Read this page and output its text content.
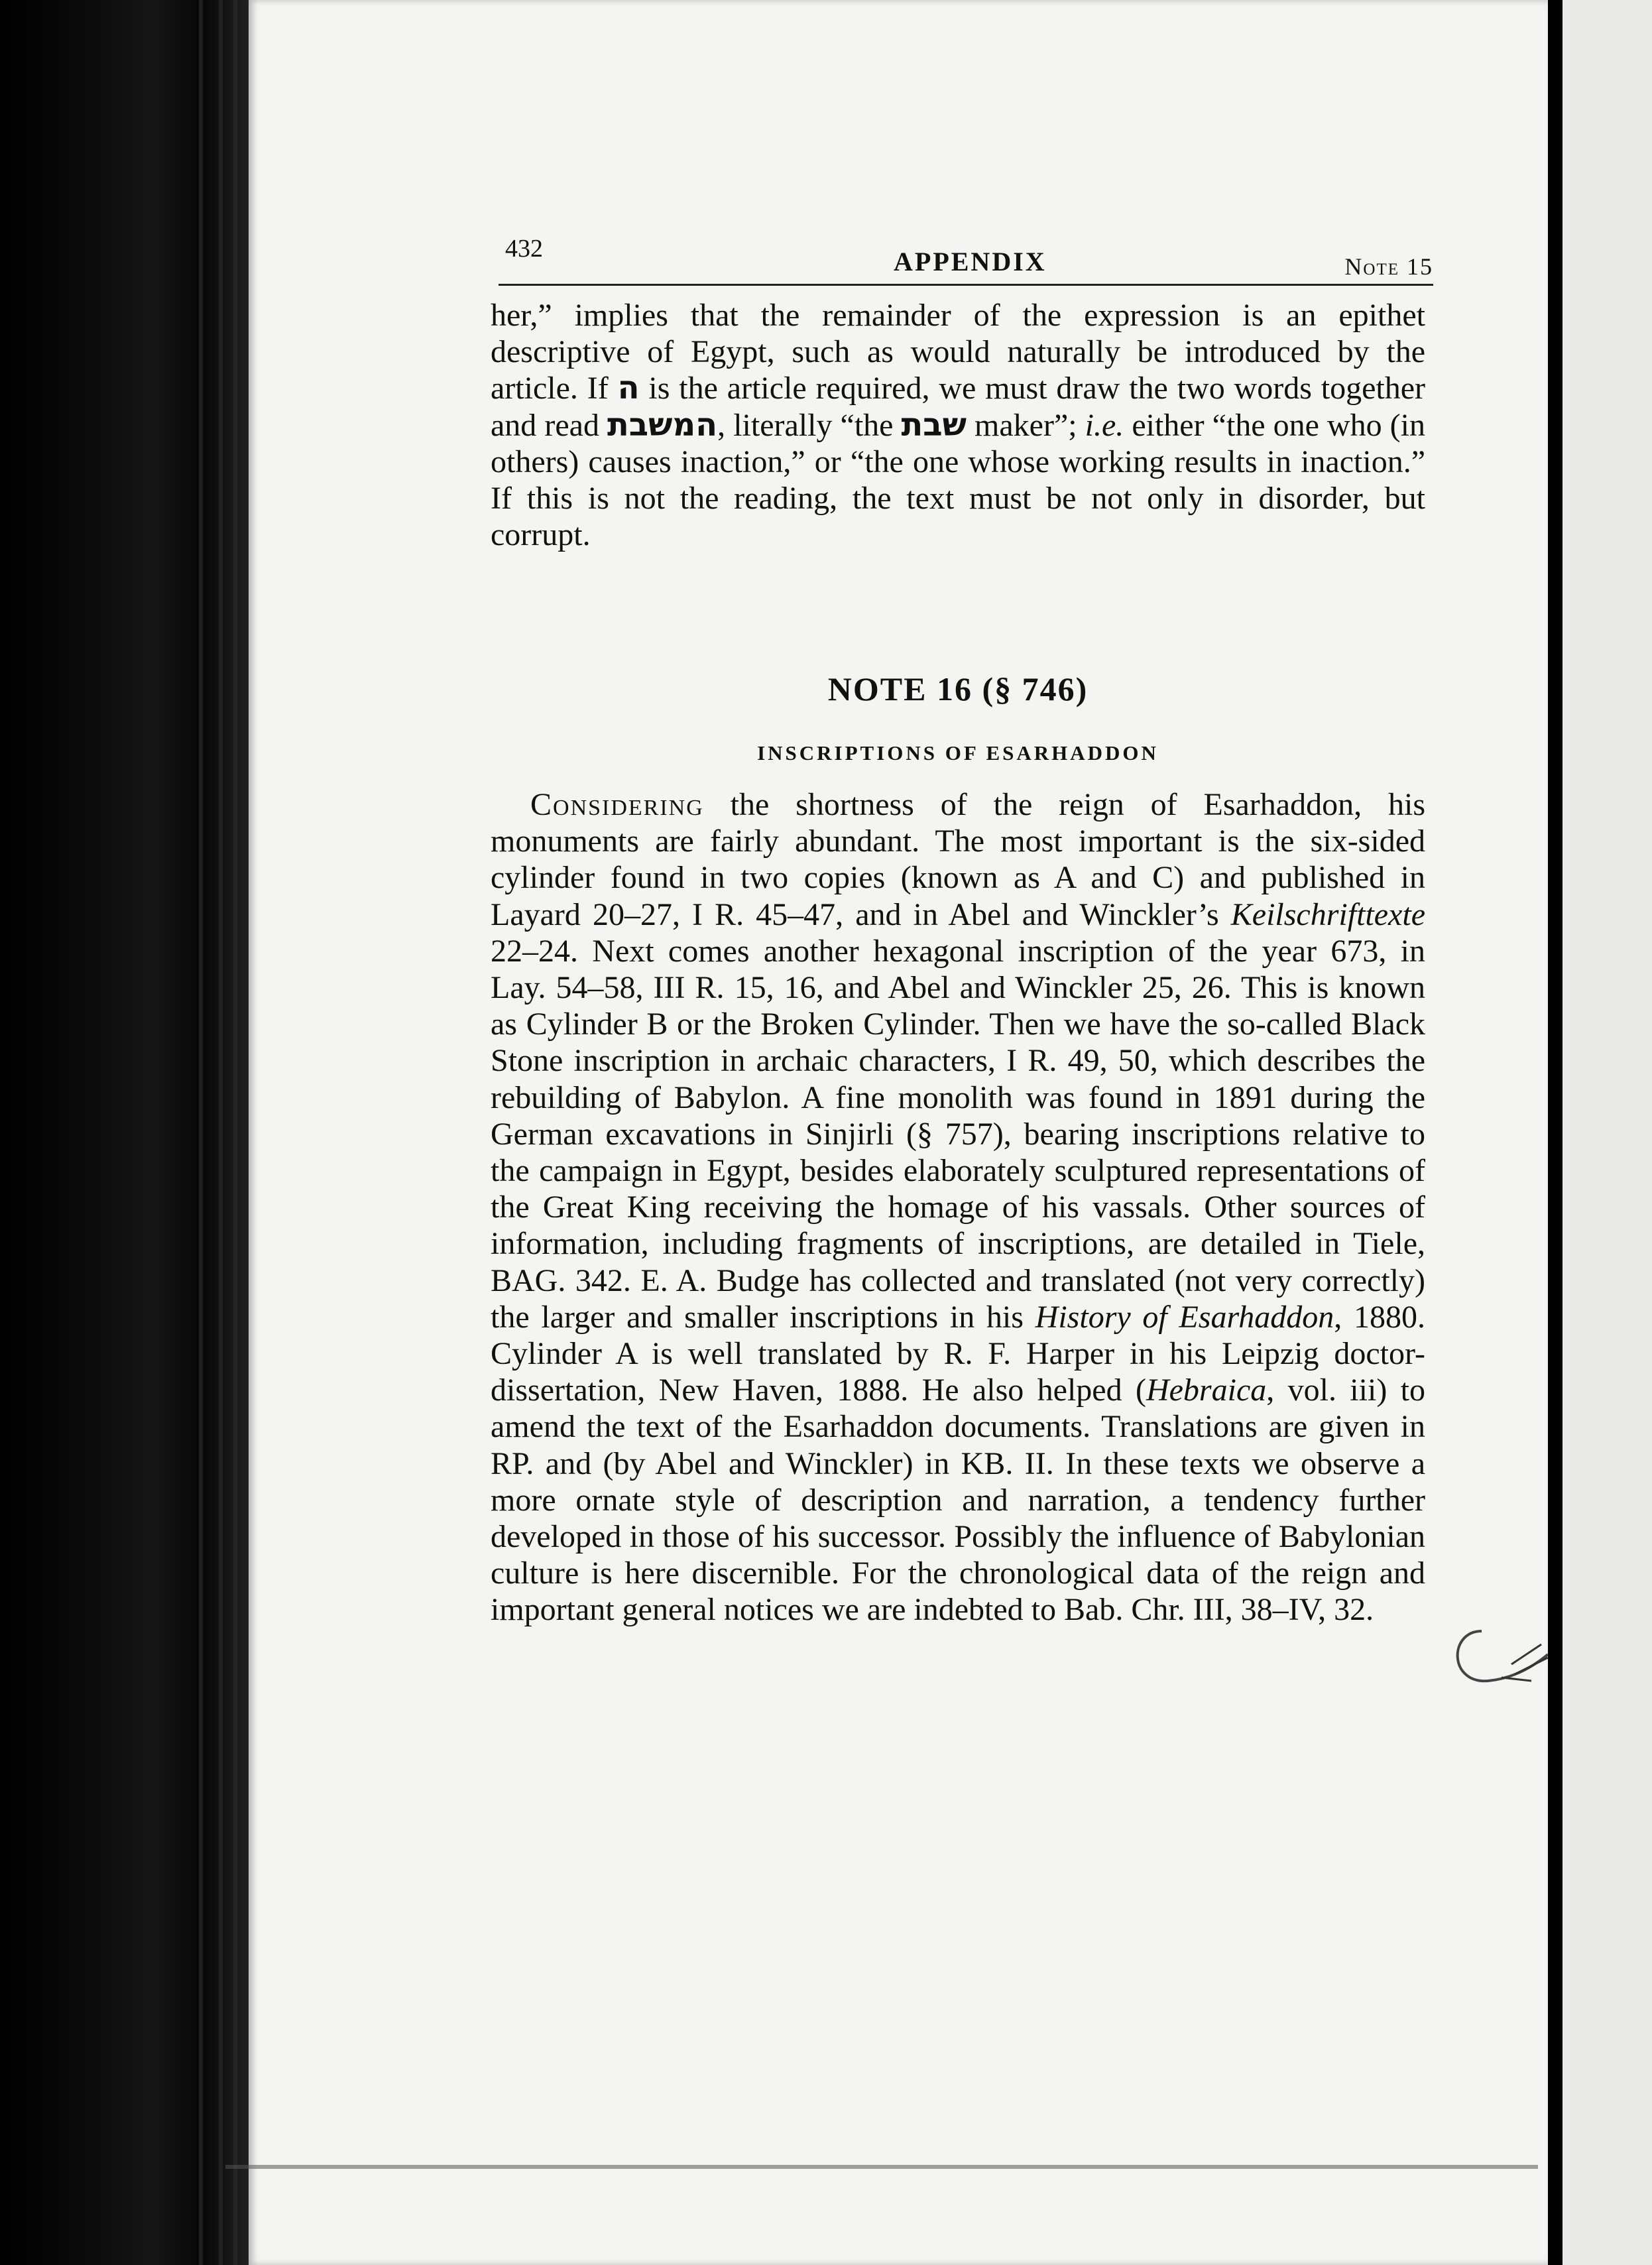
432	APPENDIX	Note 15

her,” implies that the remainder of the expression is an epithet descriptive of Egypt, such as would naturally be introduced by the article. If ה is the article required, we must draw the two words together and read המשבת, literally “the שבת maker”; i.e. either “the one who (in others) causes inaction,” or “the one whose working results in inaction.” If this is not the reading, the text must be not only in disorder, but corrupt.

NOTE 16 (§ 746)
INSCRIPTIONS OF ESARHADDON

Considering the shortness of the reign of Esarhaddon, his monuments are fairly abundant. The most important is the six-sided cylinder found in two copies (known as A and C) and published in Layard 20–27, I R. 45–47, and in Abel and Winckler’s Keilschrifttexte 22–24. Next comes another hexagonal inscription of the year 673, in Lay. 54–58, III R. 15, 16, and Abel and Winckler 25, 26. This is known as Cylinder B or the Broken Cylinder. Then we have the so-called Black Stone inscription in archaic characters, I R. 49, 50, which describes the rebuilding of Babylon. A fine monolith was found in 1891 during the German excavations in Sinjirli (§ 757), bearing inscriptions relative to the campaign in Egypt, besides elaborately sculptured representations of the Great King receiving the homage of his vassals. Other sources of information, including fragments of inscriptions, are detailed in Tiele, BAG. 342. E. A. Budge has collected and translated (not very correctly) the larger and smaller inscriptions in his History of Esarhaddon, 1880. Cylinder A is well translated by R. F. Harper in his Leipzig doctor-dissertation, New Haven, 1888. He also helped (Hebraica, vol. iii) to amend the text of the Esarhaddon documents. Translations are given in RP. and (by Abel and Winckler) in KB. II. In these texts we observe a more ornate style of description and narration, a tendency further developed in those of his successor. Possibly the influence of Babylonian culture is here discernible. For the chronological data of the reign and important general notices we are indebted to Bab. Chr. III, 38–IV, 32.
